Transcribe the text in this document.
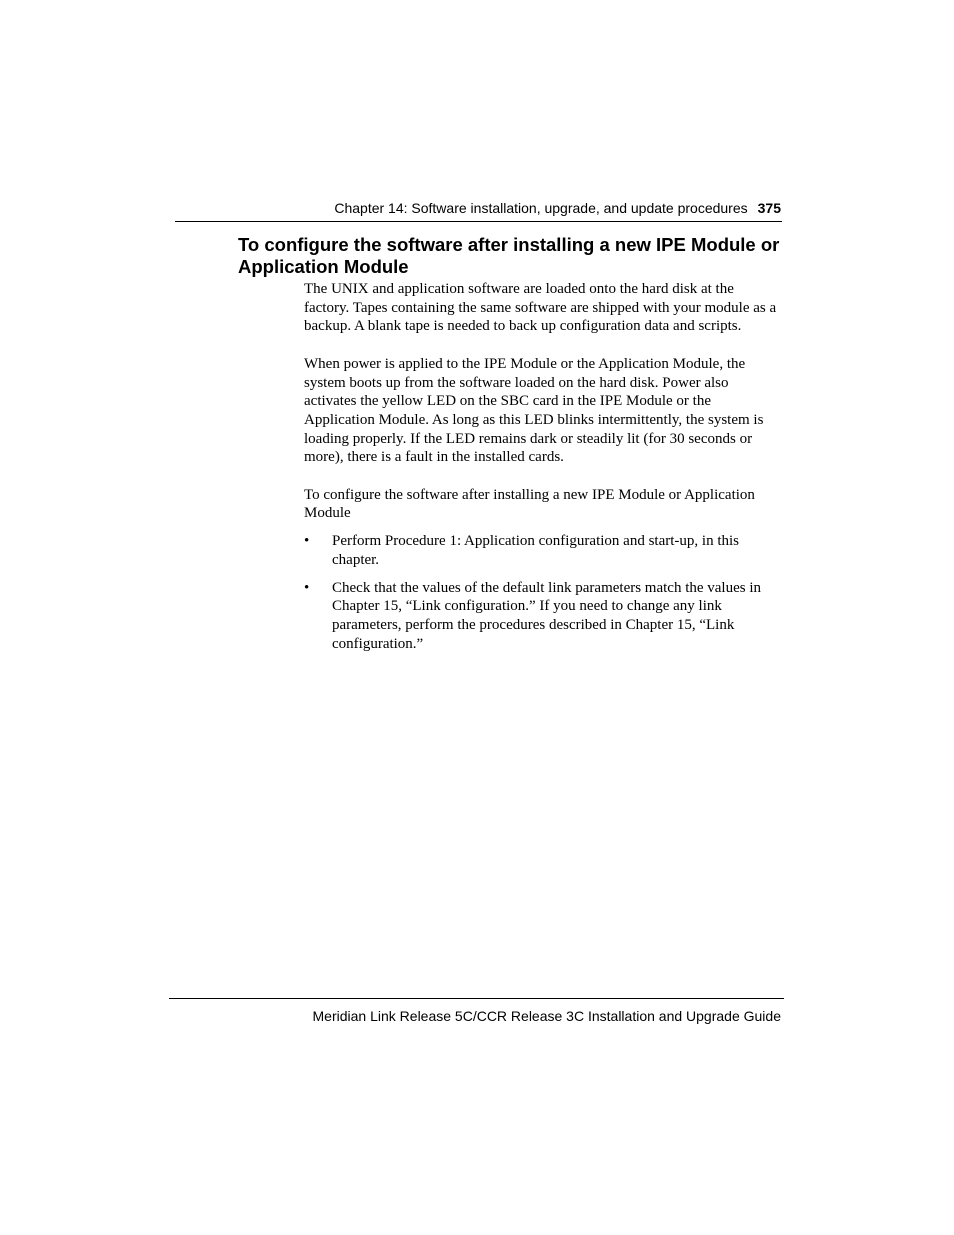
Chapter 14: Software installation, upgrade, and update procedures 375
To configure the software after installing a new IPE Module or Application Module

The UNIX and application software are loaded onto the hard disk at the factory. Tapes containing the same software are shipped with your module as a backup. A blank tape is needed to back up configuration data and scripts.

When power is applied to the IPE Module or the Application Module, the system boots up from the software loaded on the hard disk. Power also activates the yellow LED on the SBC card in the IPE Module or the Application Module. As long as this LED blinks intermittently, the system is loading properly. If the LED remains dark or steadily lit (for 30 seconds or more), there is a fault in the installed cards.

To configure the software after installing a new IPE Module or Application Module

• Perform Procedure 1: Application configuration and start-up, in this chapter.
• Check that the values of the default link parameters match the values in Chapter 15, “Link configuration.” If you need to change any link parameters, perform the procedures described in Chapter 15, “Link configuration.”
Meridian Link Release 5C/CCR Release 3C Installation and Upgrade Guide
